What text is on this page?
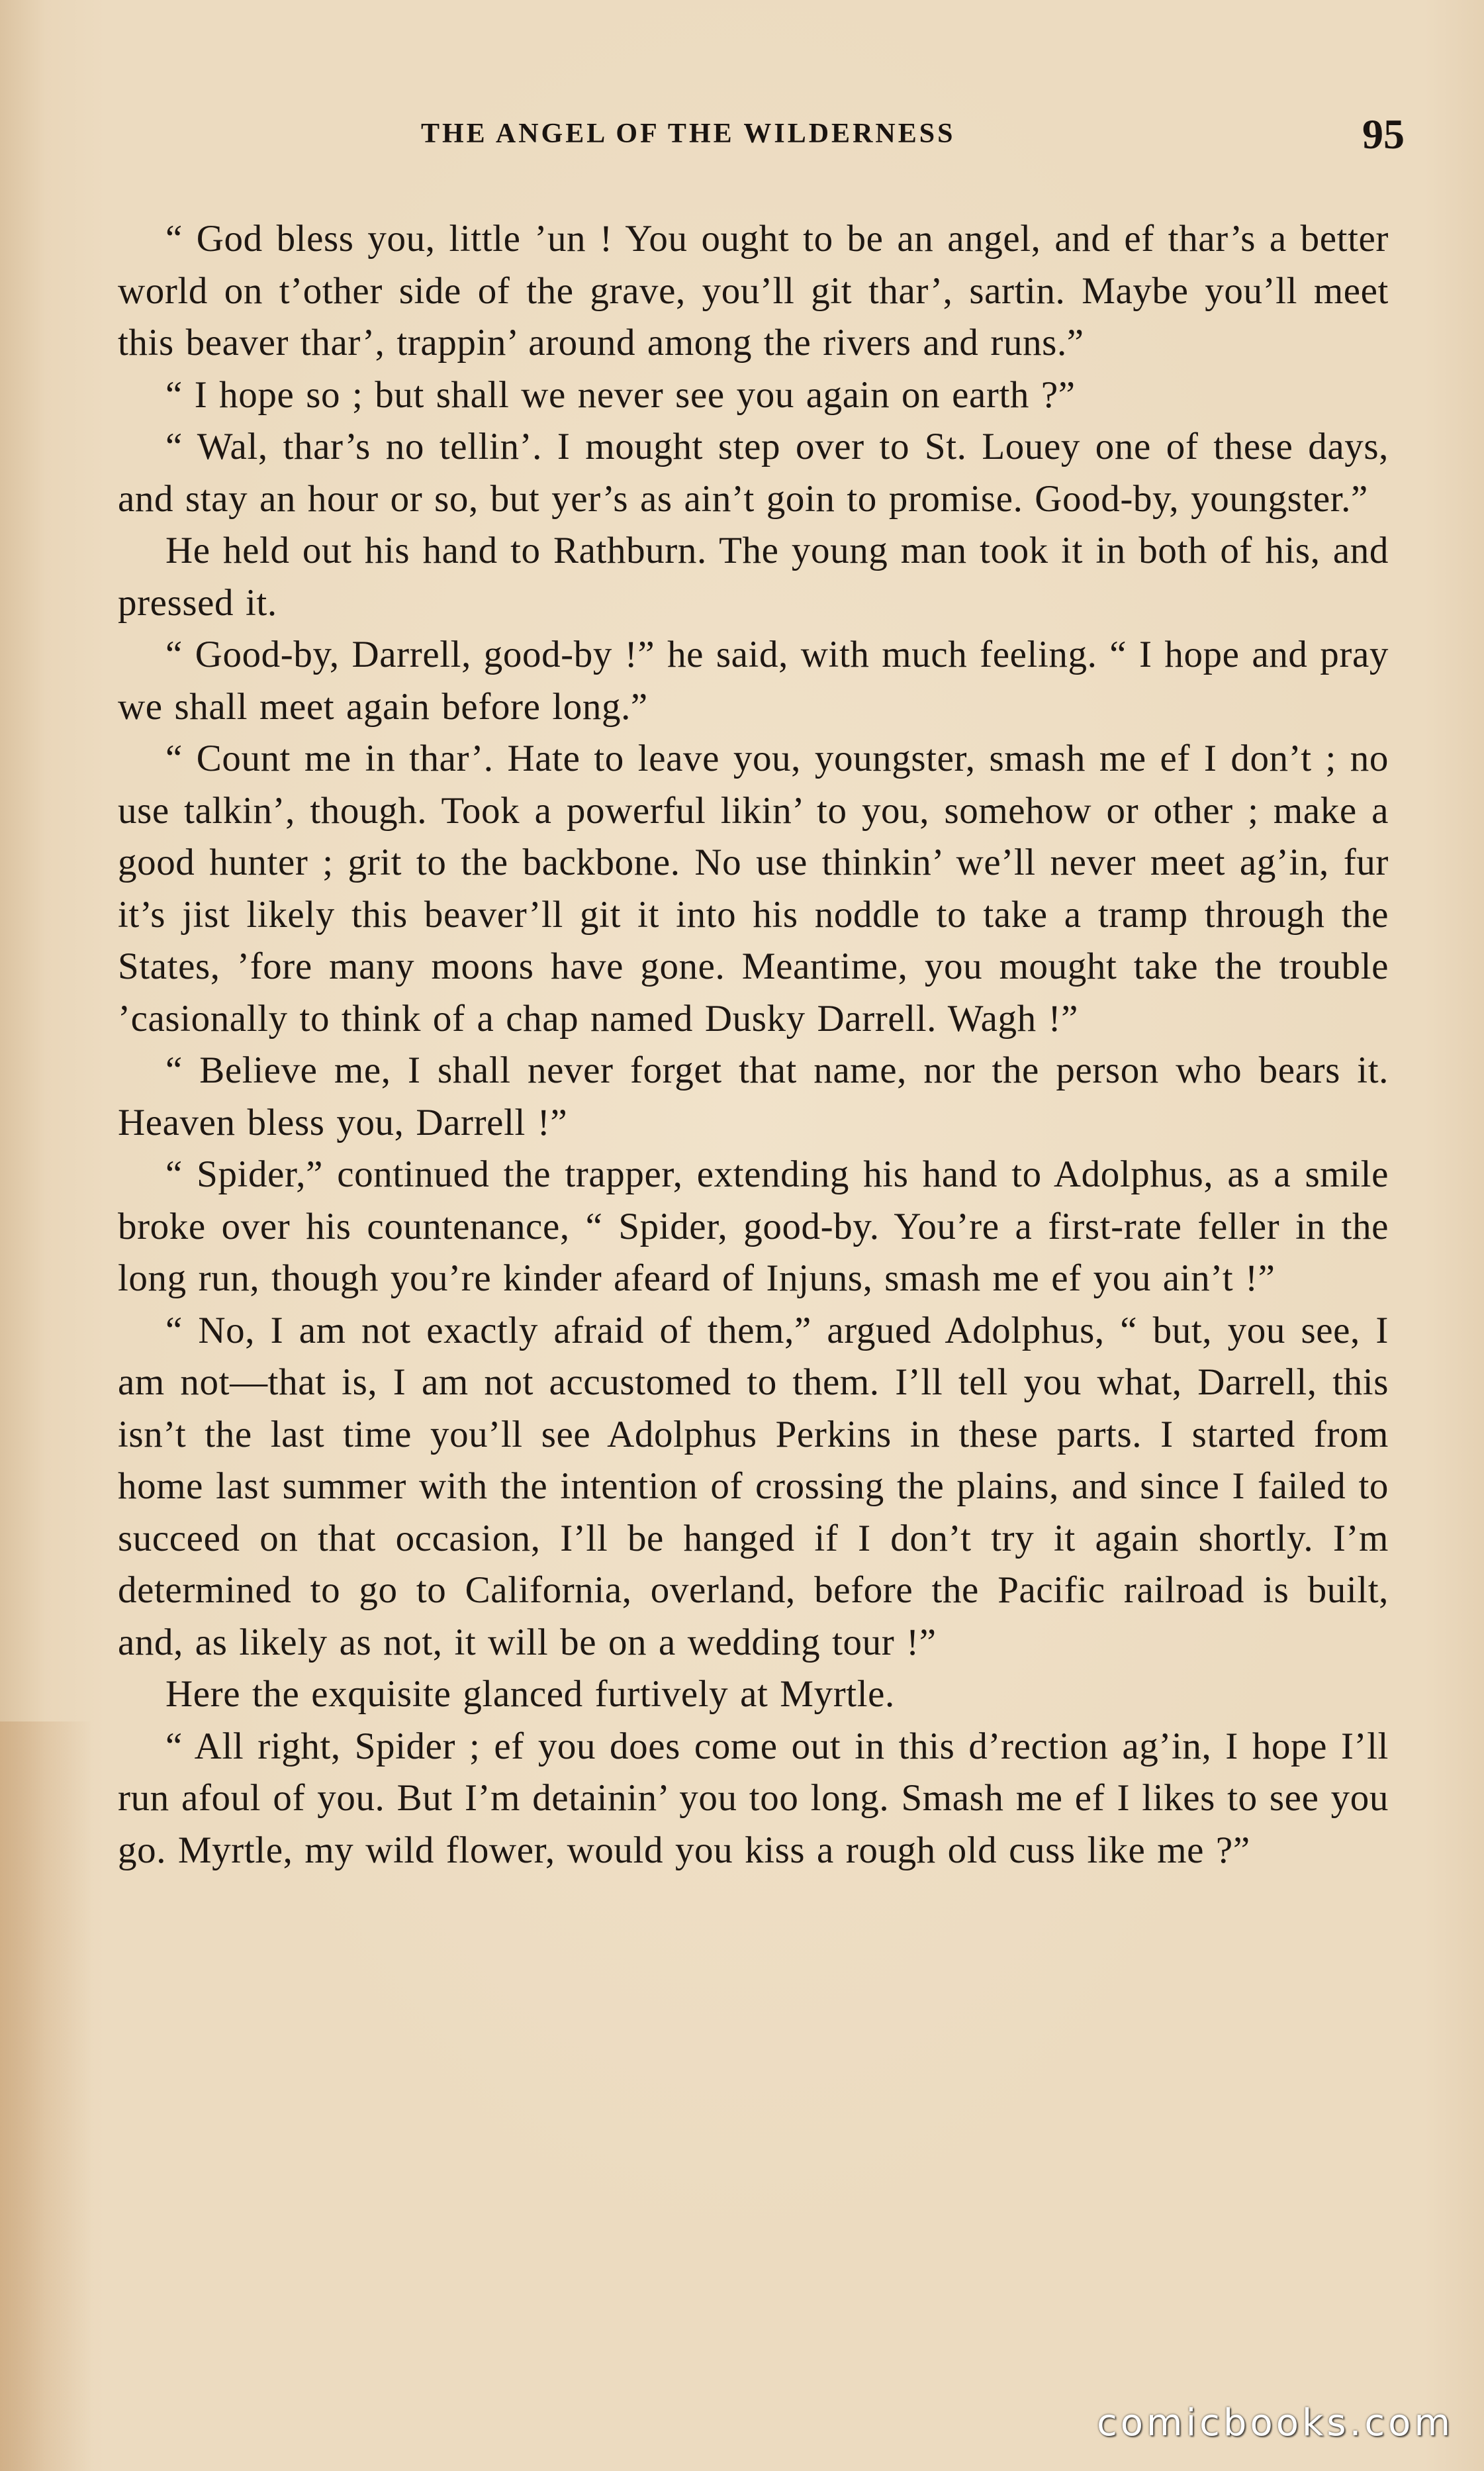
THE ANGEL OF THE WILDERNESS	95

“ God bless you, little ’un ! You ought to be an angel, and ef thar’s a better world on t’other side of the grave, you’ll git thar’, sartin. Maybe you’ll meet this beaver thar’, trappin’ around among the rivers and runs.”

“ I hope so ; but shall we never see you again on earth ?”

“ Wal, thar’s no tellin’. I mought step over to St. Louey one of these days, and stay an hour or so, but yer’s as ain’t goin to promise. Good-by, youngster.”

He held out his hand to Rathburn. The young man took it in both of his, and pressed it.

“ Good-by, Darrell, good-by !” he said, with much feeling. “ I hope and pray we shall meet again before long.”

“ Count me in thar’. Hate to leave you, youngster, smash me ef I don’t ; no use talkin’, though. Took a powerful likin’ to you, somehow or other ; make a good hunter ; grit to the backbone. No use thinkin’ we’ll never meet ag’in, fur it’s jist likely this beaver’ll git it into his noddle to take a tramp through the States, ’fore many moons have gone. Meantime, you mought take the trouble ’casionally to think of a chap named Dusky Darrell. Wagh !”

“ Believe me, I shall never forget that name, nor the person who bears it. Heaven bless you, Darrell !”

“ Spider,” continued the trapper, extending his hand to Adolphus, as a smile broke over his countenance, “ Spider, good-by. You’re a first-rate feller in the long run, though you’re kinder afeard of Injuns, smash me ef you ain’t !”

“ No, I am not exactly afraid of them,” argued Adolphus, “ but, you see, I am not—that is, I am not accustomed to them. I’ll tell you what, Darrell, this isn’t the last time you’ll see Adolphus Perkins in these parts. I started from home last summer with the intention of crossing the plains, and since I failed to succeed on that occasion, I’ll be hanged if I don’t try it again shortly. I’m determined to go to California, overland, before the Pacific railroad is built, and, as likely as not, it will be on a wedding tour !”

Here the exquisite glanced furtively at Myrtle.

“ All right, Spider ; ef you does come out in this d’rection ag’in, I hope I’ll run afoul of you. But I’m detainin’ you too long. Smash me ef I likes to see you go. Myrtle, my wild flower, would you kiss a rough old cuss like me ?”

comicbooks.com
